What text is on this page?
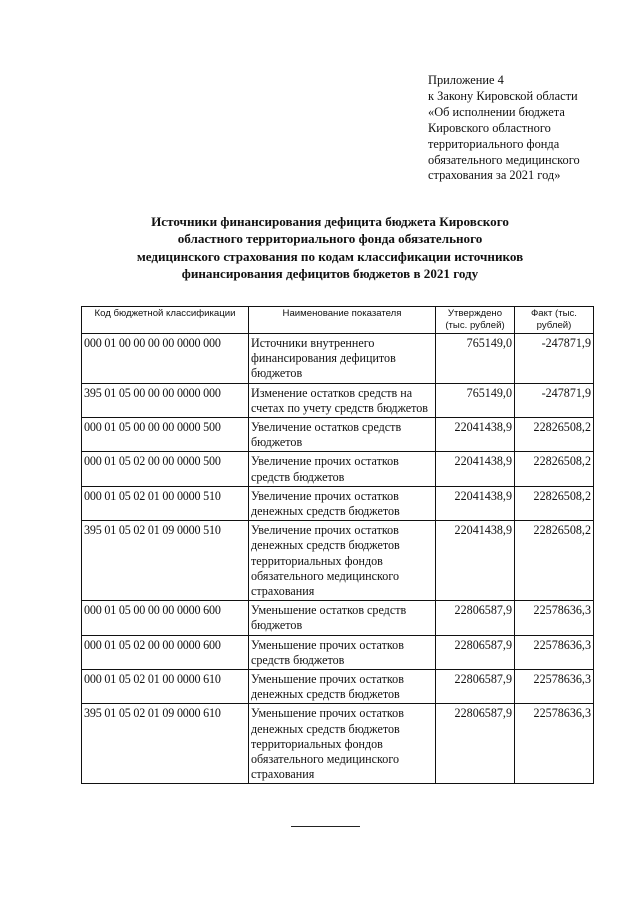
Приложение 4
к Закону Кировской области
«Об исполнении бюджета
Кировского областного
территориального фонда
обязательного медицинского
страхования за 2021 год»
Источники финансирования дефицита бюджета Кировского
областного территориального фонда обязательного
медицинского страхования по кодам классификации источников
финансирования дефицитов бюджетов в 2021 году
Код бюджетной классификации	Наименование показателя	Утверждено (тыс. рублей)	Факт (тыс. рублей)
000 01 00 00 00 00 0000 000	Источники внутреннего финансирования дефицитов бюджетов	765149,0	-247871,9
395 01 05 00 00 00 0000 000	Изменение остатков средств на счетах по учету средств бюджетов	765149,0	-247871,9
000 01 05 00 00 00 0000 500	Увеличение остатков средств бюджетов	22041438,9	22826508,2
000 01 05 02 00 00 0000 500	Увеличение прочих остатков средств бюджетов	22041438,9	22826508,2
000 01 05 02 01 00 0000 510	Увеличение прочих остатков денежных средств бюджетов	22041438,9	22826508,2
395 01 05 02 01 09 0000 510	Увеличение прочих остатков денежных средств бюджетов территориальных фондов обязательного медицинского страхования	22041438,9	22826508,2
000 01 05 00 00 00 0000 600	Уменьшение остатков средств бюджетов	22806587,9	22578636,3
000 01 05 02 00 00 0000 600	Уменьшение прочих остатков средств бюджетов	22806587,9	22578636,3
000 01 05 02 01 00 0000 610	Уменьшение прочих остатков денежных средств бюджетов	22806587,9	22578636,3
395 01 05 02 01 09 0000 610	Уменьшение прочих остатков денежных средств бюджетов территориальных фондов обязательного медицинского страхования	22806587,9	22578636,3
